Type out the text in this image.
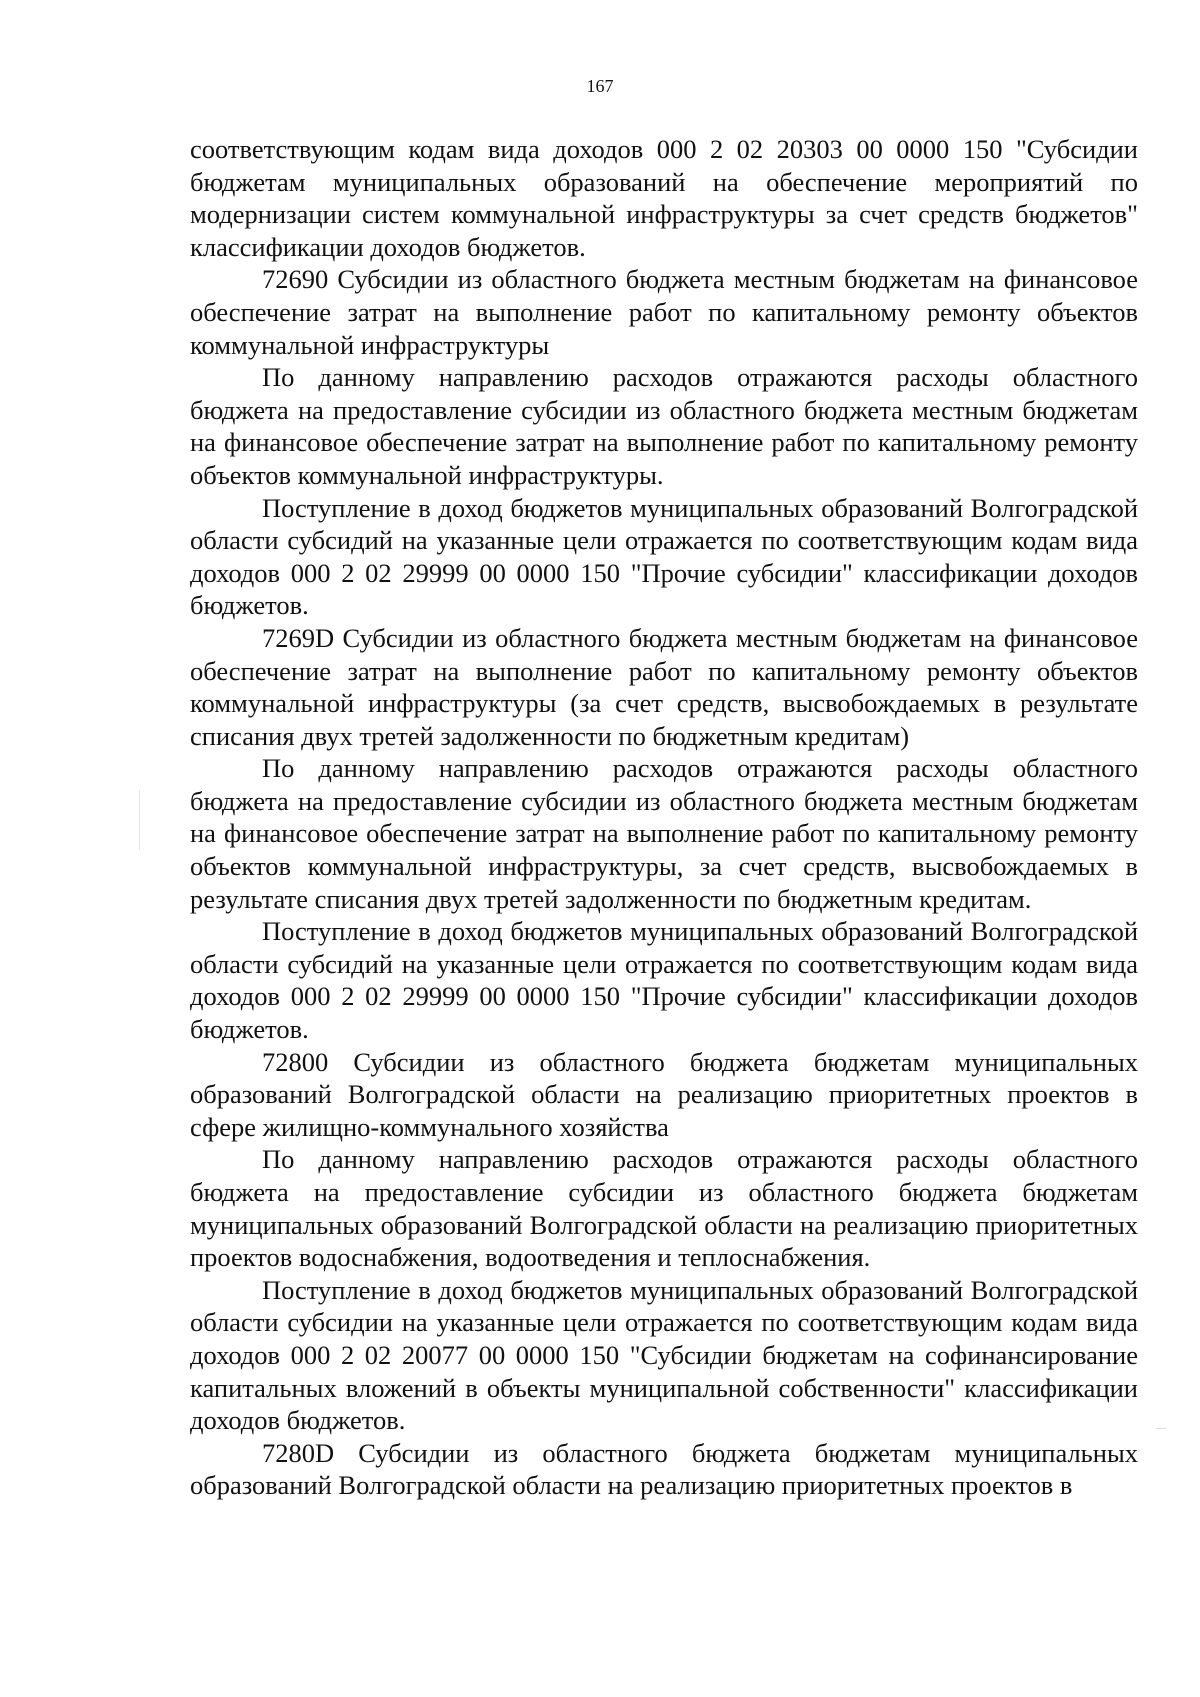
167

соответствующим кодам вида доходов 000 2 02 20303 00 0000 150 "Субсидии бюджетам муниципальных образований на обеспечение мероприятий по модернизации систем коммунальной инфраструктуры за счет средств бюджетов" классификации доходов бюджетов.

72690 Субсидии из областного бюджета местным бюджетам на финансовое обеспечение затрат на выполнение работ по капитальному ремонту объектов коммунальной инфраструктуры

По данному направлению расходов отражаются расходы областного бюджета на предоставление субсидии из областного бюджета местным бюджетам на финансовое обеспечение затрат на выполнение работ по капитальному ремонту объектов коммунальной инфраструктуры.

Поступление в доход бюджетов муниципальных образований Волгоградской области субсидий на указанные цели отражается по соответствующим кодам вида доходов 000 2 02 29999 00 0000 150 "Прочие субсидии" классификации доходов бюджетов.

7269D Субсидии из областного бюджета местным бюджетам на финансовое обеспечение затрат на выполнение работ по капитальному ремонту объектов коммунальной инфраструктуры (за счет средств, высвобождаемых в результате списания двух третей задолженности по бюджетным кредитам)

По данному направлению расходов отражаются расходы областного бюджета на предоставление субсидии из областного бюджета местным бюджетам на финансовое обеспечение затрат на выполнение работ по капитальному ремонту объектов коммунальной инфраструктуры, за счет средств, высвобождаемых в результате списания двух третей задолженности по бюджетным кредитам.

Поступление в доход бюджетов муниципальных образований Волгоградской области субсидий на указанные цели отражается по соответствующим кодам вида доходов 000 2 02 29999 00 0000 150 "Прочие субсидии" классификации доходов бюджетов.

72800 Субсидии из областного бюджета бюджетам муниципальных образований Волгоградской области на реализацию приоритетных проектов в сфере жилищно-коммунального хозяйства

По данному направлению расходов отражаются расходы областного бюджета на предоставление субсидии из областного бюджета бюджетам муниципальных образований Волгоградской области на реализацию приоритетных проектов водоснабжения, водоотведения и теплоснабжения.

Поступление в доход бюджетов муниципальных образований Волгоградской области субсидии на указанные цели отражается по соответствующим кодам вида доходов 000 2 02 20077 00 0000 150 "Субсидии бюджетам на софинансирование капитальных вложений в объекты муниципальной собственности" классификации доходов бюджетов.

7280D Субсидии из областного бюджета бюджетам муниципальных образований Волгоградской области на реализацию приоритетных проектов в
